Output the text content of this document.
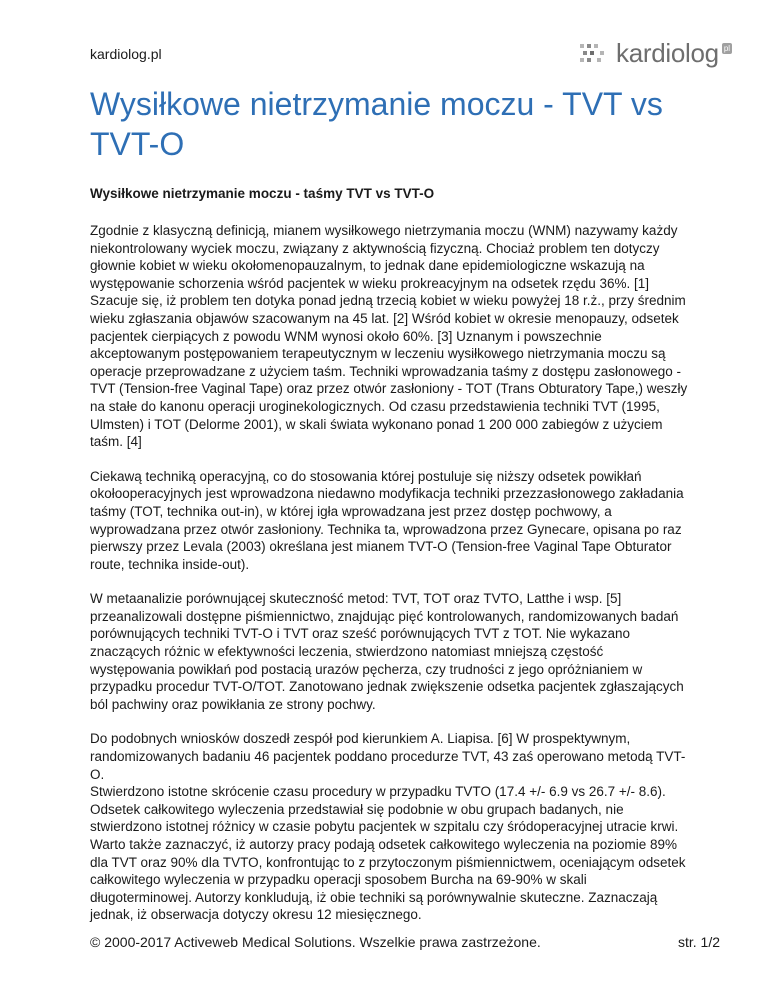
kardiolog.pl	kardiolog pl
Wysiłkowe nietrzymanie moczu - TVT vs TVT-O
Wysiłkowe nietrzymanie moczu - taśmy TVT vs TVT-O

Zgodnie z klasyczną definicją, mianem wysiłkowego nietrzymania moczu (WNM) nazywamy każdy niekontrolowany wyciek moczu, związany z aktywnością fizyczną. Chociaż problem ten dotyczy głownie kobiet w wieku okołomenopauzalnym, to jednak dane epidemiologiczne wskazują na występowanie schorzenia wśród pacjentek w wieku prokreacyjnym na odsetek rzędu 36%. [1] Szacuje się, iż problem ten dotyka ponad jedną trzecią kobiet w wieku powyżej 18 r.ż., przy średnim wieku zgłaszania objawów szacowanym na 45 lat. [2] Wśród kobiet w okresie menopauzy, odsetek pacjentek cierpiących z powodu WNM wynosi około 60%. [3] Uznanym i powszechnie akceptowanym postępowaniem terapeutycznym w leczeniu wysiłkowego nietrzymania moczu są operacje przeprowadzane z użyciem taśm. Techniki wprowadzania taśmy z dostępu zasłonowego - TVT (Tension-free Vaginal Tape) oraz przez otwór zasłoniony - TOT (Trans Obturatory Tape,) weszły na stałe do kanonu operacji uroginekologicznych. Od czasu przedstawienia techniki TVT (1995, Ulmsten) i TOT (Delorme 2001), w skali świata wykonano ponad 1 200 000 zabiegów z użyciem taśm. [4]

Ciekawą techniką operacyjną, co do stosowania której postuluje się niższy odsetek powikłań okołooperacyjnych jest wprowadzona niedawno modyfikacja techniki przezzasłonowego zakładania taśmy (TOT, technika out-in), w której igła wprowadzana jest przez dostęp pochwowy, a wyprowadzana przez otwór zasłoniony. Technika ta, wprowadzona przez Gynecare, opisana po raz pierwszy przez Levala (2003) określana jest mianem TVT-O (Tension-free Vaginal Tape Obturator route, technika inside-out).

W metaanalizie porównującej skuteczność metod: TVT, TOT oraz TVTO, Latthe i wsp. [5] przeanalizowali dostępne piśmiennictwo, znajdując pięć kontrolowanych, randomizowanych badań porównujących techniki TVT-O i TVT oraz sześć porównujących TVT z TOT. Nie wykazano znaczących różnic w efektywności leczenia, stwierdzono natomiast mniejszą częstość występowania powikłań pod postacią urazów pęcherza, czy trudności z jego opróżnianiem w przypadku procedur TVT-O/TOT. Zanotowano jednak zwiększenie odsetka pacjentek zgłaszających ból pachwiny oraz powikłania ze strony pochwy.

Do podobnych wniosków doszedł zespół pod kierunkiem A. Liapisa. [6] W prospektywnym, randomizowanych badaniu 46 pacjentek poddano procedurze TVT, 43 zaś operowano metodą TVT-O.
Stwierdzono istotne skrócenie czasu procedury w przypadku TVTO (17.4 +/- 6.9 vs 26.7 +/- 8.6). Odsetek całkowitego wyleczenia przedstawiał się podobnie w obu grupach badanych, nie stwierdzono istotnej różnicy w czasie pobytu pacjentek w szpitalu czy śródoperacyjnej utracie krwi. Warto także zaznaczyć, iż autorzy pracy podają odsetek całkowitego wyleczenia na poziomie 89% dla TVT oraz 90% dla TVTO, konfrontując to z przytoczonym piśmiennictwem, oceniającym odsetek całkowitego wyleczenia w przypadku operacji sposobem Burcha na 69-90% w skali długoterminowej. Autorzy konkludują, iż obie techniki są porównywalnie skuteczne. Zaznaczają jednak, iż obserwacja dotyczy okresu 12 miesięcznego.

© 2000-2017 Activeweb Medical Solutions. Wszelkie prawa zastrzeżone.	str. 1/2
